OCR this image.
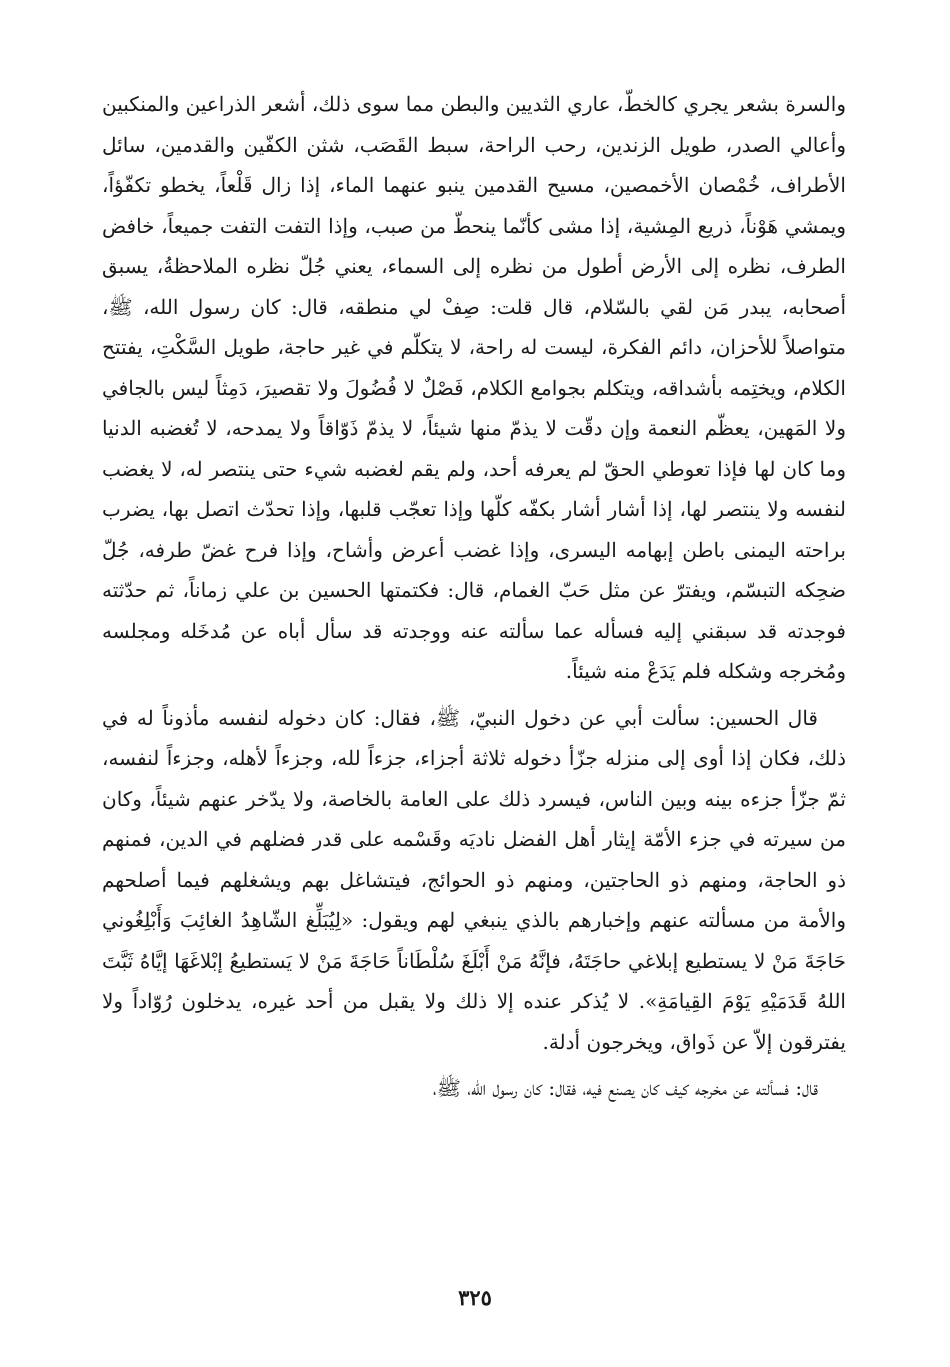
والسرة بشعر يجري كالخطّ، عاري الثديين والبطن مما سوى ذلك، أشعر الذراعين والمنكبين وأعالي الصدر، طويل الزندين، رحب الراحة، سبط القَصَب، شثن الكفّين والقدمين، سائل الأطراف، خُمْصان الأخمصين، مسيح القدمين ينبو عنهما الماء، إذا زال قَلْعاً، يخطو تكفّؤاً، ويمشي هَوْناً، ذريع المِشية، إذا مشى كأنّما ينحطّ من صبب، وإذا التفت التفت جميعاً، خافض الطرف، نظره إلى الأرض أطول من نظره إلى السماء، يعني جُلّ نظره الملاحظةُ، يسبق أصحابه، يبدر مَن لقي بالسّلام، قال قلت: صِفْ لي منطقه، قال: كان رسول الله، ﷺ، متواصلاً للأحزان، دائم الفكرة، ليست له راحة، لا يتكلّم في غير حاجة، طويل السَّكْتِ، يفتتح الكلام، ويختِمه بأشداقه، ويتكلم بجوامع الكلام، فَصْلٌ لا فُضُولَ ولا تقصيرَ، دَمِثاً ليس بالجافي ولا المَهين، يعظّم النعمة وإن دقّت لا يذمّ منها شيئاً، لا يذمّ ذَوّاقاً ولا يمدحه، لا تُغضبه الدنيا وما كان لها فإذا تعوطي الحقّ لم يعرفه أحد، ولم يقم لغضبه شيء حتى ينتصر له، لا يغضب لنفسه ولا ينتصر لها، إذا أشار أشار بكفّه كلّها وإذا تعجّب قلبها، وإذا تحدّث اتصل بها، يضرب براحته اليمنى باطن إبهامه اليسرى، وإذا غضب أعرض وأشاح، وإذا فرح غضّ طرفه، جُلّ ضحِكه التبسّم، ويفترّ عن مثل حَبّ الغمام، قال: فكتمتها الحسين بن علي زماناً، ثم حدّثته فوجدته قد سبقني إليه فسأله عما سألته عنه ووجدته قد سأل أباه عن مُدخَله ومجلسه ومُخرجه وشكله فلم يَدَعْ منه شيئاً.

قال الحسين: سألت أبي عن دخول النبيّ، ﷺ، فقال: كان دخوله لنفسه مأذوناً له في ذلك، فكان إذا أوى إلى منزله جزّأ دخوله ثلاثة أجزاء، جزءاً لله، وجزءاً لأهله، وجزءاً لنفسه، ثمّ جزّأ جزءه بينه وبين الناس، فيسرد ذلك على العامة بالخاصة، ولا يدّخر عنهم شيئاً، وكان من سيرته في جزء الأمّة إيثار أهل الفضل ناديَه وقَسْمه على قدر فضلهم في الدين، فمنهم ذو الحاجة، ومنهم ذو الحاجتين، ومنهم ذو الحوائج، فيتشاغل بهم ويشغلهم فيما أصلحهم والأمة من مسألته عنهم وإخبارهم بالذي ينبغي لهم ويقول: «لِيُبَلِّغ الشّاهِدُ الغائِبَ وَأَبْلِغُوني حَاجَةَ مَنْ لا يستطيع إبلاغي حاجَتَهُ، فإنَّهُ مَنْ أَبْلَغَ سُلْطَاناً حَاجَةَ مَنْ لا يَستطيعُ إبْلاغَهَا إيَّاهُ ثَبَّتَ اللهُ قَدَمَيْهِ يَوْمَ القِيامَةِ». لا يُذكر عنده إلا ذلك ولا يقبل من أحد غيره، يدخلون رُوّاداً ولا يفترقون إلاّ عن ذَواق، ويخرجون أدلة.

قال: فسألته عن مخرجه كيف كان يصنع فيه، فقال: كان رسول الله، ﷺ،

٣٢٥
